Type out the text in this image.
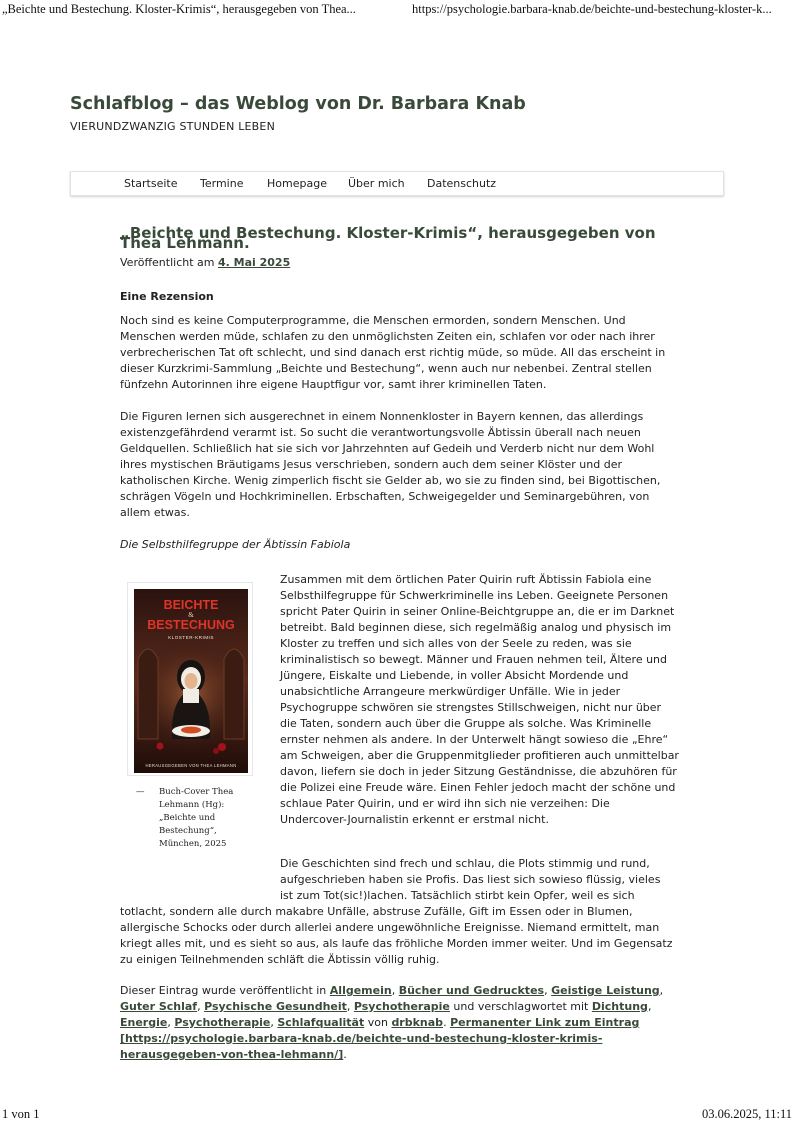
„Beichte und Bestechung. Kloster-Krimis“, herausgegeben von Thea...	https://psychologie.barbara-knab.de/beichte-und-bestechung-kloster-k...
Schlafblog – das Weblog von Dr. Barbara Knab
VIERUNDZWANZIG STUNDEN LEBEN
Startseite Termine Homepage Über mich Datenschutz
„Beichte und Bestechung. Kloster-Krimis“, herausgegeben von Thea Lehmann.
Veröffentlicht am 4. Mai 2025
Eine Rezension

Noch sind es keine Computerprogramme, die Menschen ermorden, sondern Menschen. Und Menschen werden müde, schlafen zu den unmöglichsten Zeiten ein, schlafen vor oder nach ihrer verbrecherischen Tat oft schlecht, und sind danach erst richtig müde, so müde. All das erscheint in dieser Kurzkrimi-Sammlung „Beichte und Bestechung“, wenn auch nur nebenbei. Zentral stellen fünfzehn Autorinnen ihre eigene Hauptfigur vor, samt ihrer kriminellen Taten.

Die Figuren lernen sich ausgerechnet in einem Nonnenkloster in Bayern kennen, das allerdings existenzgefährdend verarmt ist. So sucht die verantwortungsvolle Äbtissin überall nach neuen Geldquellen. Schließlich hat sie sich vor Jahrzehnten auf Gedeih und Verderb nicht nur dem Wohl ihres mystischen Bräutigams Jesus verschrieben, sondern auch dem seiner Klöster und der katholischen Kirche. Wenig zimperlich fischt sie Gelder ab, wo sie zu finden sind, bei Bigottischen, schrägen Vögeln und Hochkriminellen. Erbschaften, Schweigegelder und Seminargebühren, von allem etwas.

Die Selbsthilfegruppe der Äbtissin Fabiola

BEICHTE
&
BESTECHUNG
KLOSTER-KRIMIS
HERAUSGEGEBEN VON THEA LEHMANN
— Buch-Cover Thea Lehmann (Hg): „Beichte und Bestechung“, München, 2025

Zusammen mit dem örtlichen Pater Quirin ruft Äbtissin Fabiola eine Selbsthilfegruppe für Schwerkriminelle ins Leben. Geeignete Personen spricht Pater Quirin in seiner Online-Beichtgruppe an, die er im Darknet betreibt. Bald beginnen diese, sich regelmäßig analog und physisch im Kloster zu treffen und sich alles von der Seele zu reden, was sie kriminalistisch so bewegt. Männer und Frauen nehmen teil, Ältere und Jüngere, Eiskalte und Liebende, in voller Absicht Mordende und unabsichtliche Arrangeure merkwürdiger Unfälle. Wie in jeder Psychogruppe schwören sie strengstes Stillschweigen, nicht nur über die Taten, sondern auch über die Gruppe als solche. Was Kriminelle ernster nehmen als andere. In der Unterwelt hängt sowieso die „Ehre“ am Schweigen, aber die Gruppenmitglieder profitieren auch unmittelbar davon, liefern sie doch in jeder Sitzung Geständnisse, die abzuhören für die Polizei eine Freude wäre. Einen Fehler jedoch macht der schöne und schlaue Pater Quirin, und er wird ihn sich nie verzeihen: Die Undercover-Journalistin erkennt er erstmal nicht.

Die Geschichten sind frech und schlau, die Plots stimmig und rund,
aufgeschrieben haben sie Profis. Das liest sich sowieso flüssig, vieles
ist zum Tot(sic!)lachen. Tatsächlich stirbt kein Opfer, weil es sich

totlacht, sondern alle durch makabre Unfälle, abstruse Zufälle, Gift im Essen oder in Blumen, allergische Schocks oder durch allerlei andere ungewöhnliche Ereignisse. Niemand ermittelt, man kriegt alles mit, und es sieht so aus, als laufe das fröhliche Morden immer weiter. Und im Gegensatz zu einigen Teilnehmenden schläft die Äbtissin völlig ruhig.

Dieser Eintrag wurde veröffentlicht in Allgemein, Bücher und Gedrucktes, Geistige Leistung, Guter Schlaf, Psychische Gesundheit, Psychotherapie und verschlagwortet mit Dichtung, Energie, Psychotherapie, Schlafqualität von drbknab. Permanenter Link zum Eintrag [https://psychologie.barbara-knab.de/beichte-und-bestechung-kloster-krimis-herausgegeben-von-thea-lehmann/].
1 von 1	03.06.2025, 11:11
